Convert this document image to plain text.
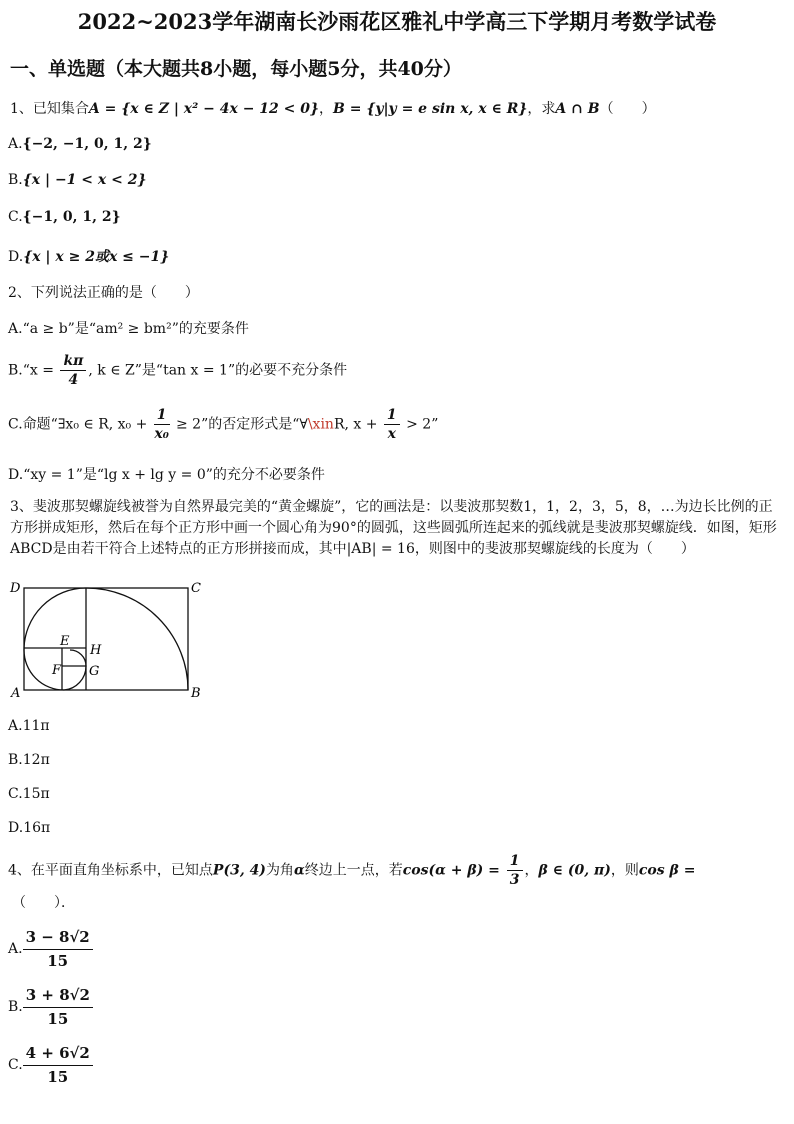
2022~2023学年湖南长沙雨花区雅礼中学高三下学期月考数学试卷
一、单选题（本大题共8小题，每小题5分，共40分）
1、已知集合A = {x ∈ Z | x² − 4x − 12 < 0}，B = {y|y = e sin x, x ∈ R}，求A ∩ B（　　）
A.{−2, −1, 0, 1, 2}
B.{x | −1 < x < 2}
C.{−1, 0, 1, 2}
D.{x | x ≥ 2或x ≤ −1}
2、下列说法正确的是（　　）
A.“a ≥ b”是“am² ≥ bm²”的充要条件
B.“x = $\frac{k\pi}{4}$ , k ∈ Z”是“tan x = 1”的必要不充分条件
C.命题“∃x₀ ∈ R, $x_0 + \frac{1}{\text{x₀}} \ge 2$”的否定形式是“∀\xinR, $x + \frac{1}{x} > 2$”
D.“xy = 1”是“lg x + lg y = 0”的充分不必要条件
3、斐波那契螺旋线被誉为自然界最完美的“黄金螺旋”，它的画法是：以斐波那契数1，1，2，3，5，8，…为边长比例的正方形拼成矩形，然后在每个正方形中画一个圆心角为90°的圆弧，这些圆弧所连起来的弧线就是斐波那契螺旋线．如图，矩形ABCD是由若干符合上述特点的正方形拼接而成，其中|AB| = 16，则图中的斐波那契螺旋线的长度为（　　）
D	C
A	B
E
F G
H
A.11π
B.12π
C.15π
D.16π
4、在平面直角坐标系中，已知点P(3, 4)为角α终边上一点，若$\cos(\alpha + \beta) = \frac{1}{3}$ ，β ∈ (0, π)，则cos β =
（　　）．
A. $\frac{3 - 8√2}{15}$
B. $\frac{3 + 8√2}{15}$
C. $\frac{4 + 6√2}{15}$
